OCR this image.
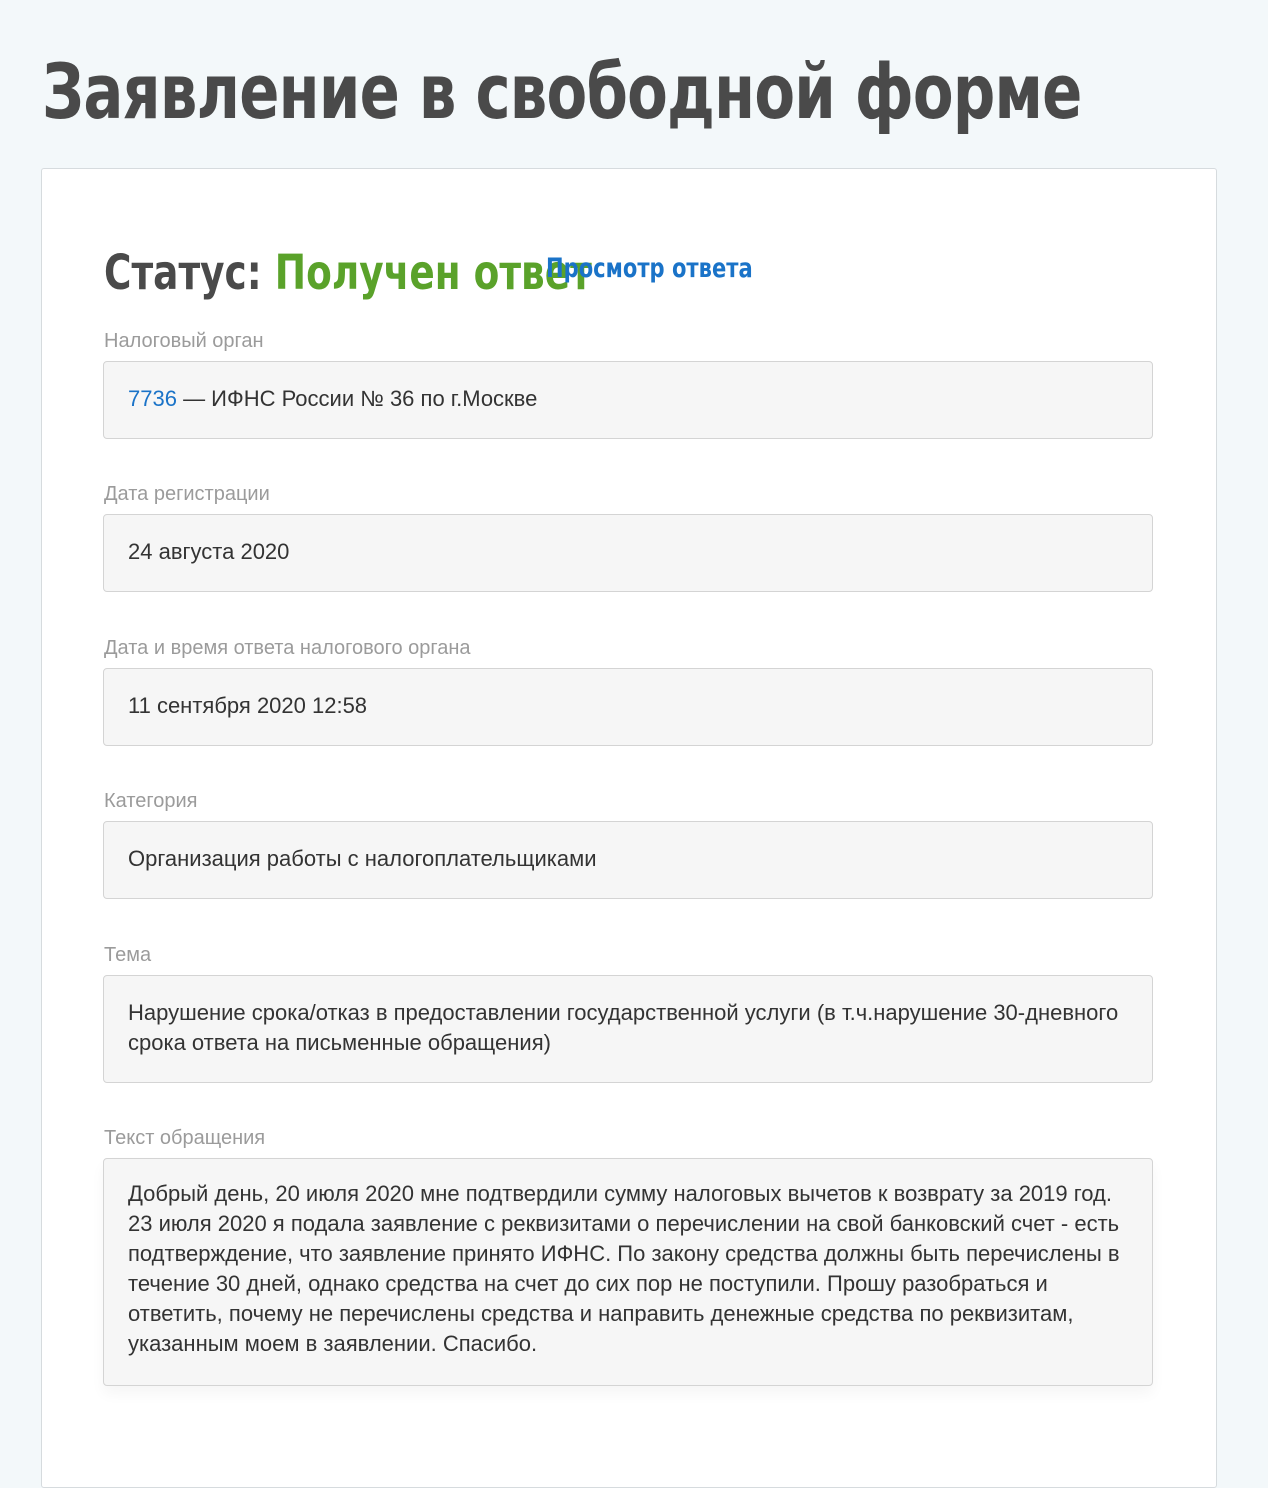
Заявление в свободной форме
Статус: Получен ответ
Просмотр ответа
Налоговый орган
7736 — ИФНС России № 36 по г.Москве
Дата регистрации
24 августа 2020
Дата и время ответа налогового органа
11 сентября 2020 12:58
Категория
Организация работы с налогоплательщиками
Тема
Нарушение срока/отказ в предоставлении государственной услуги (в т.ч.нарушение 30-дневного срока ответа на письменные обращения)
Текст обращения
Добрый день, 20 июля 2020 мне подтвердили сумму налоговых вычетов к возврату за 2019 год. 23 июля 2020 я подала заявление с реквизитами о перечислении на свой банковский счет - есть подтверждение, что заявление принято ИФНС. По закону средства должны быть перечислены в течение 30 дней, однако средства на счет до сих пор не поступили. Прошу разобраться и ответить, почему не перечислены средства и направить денежные средства по реквизитам, указанным моем в заявлении. Спасибо.
